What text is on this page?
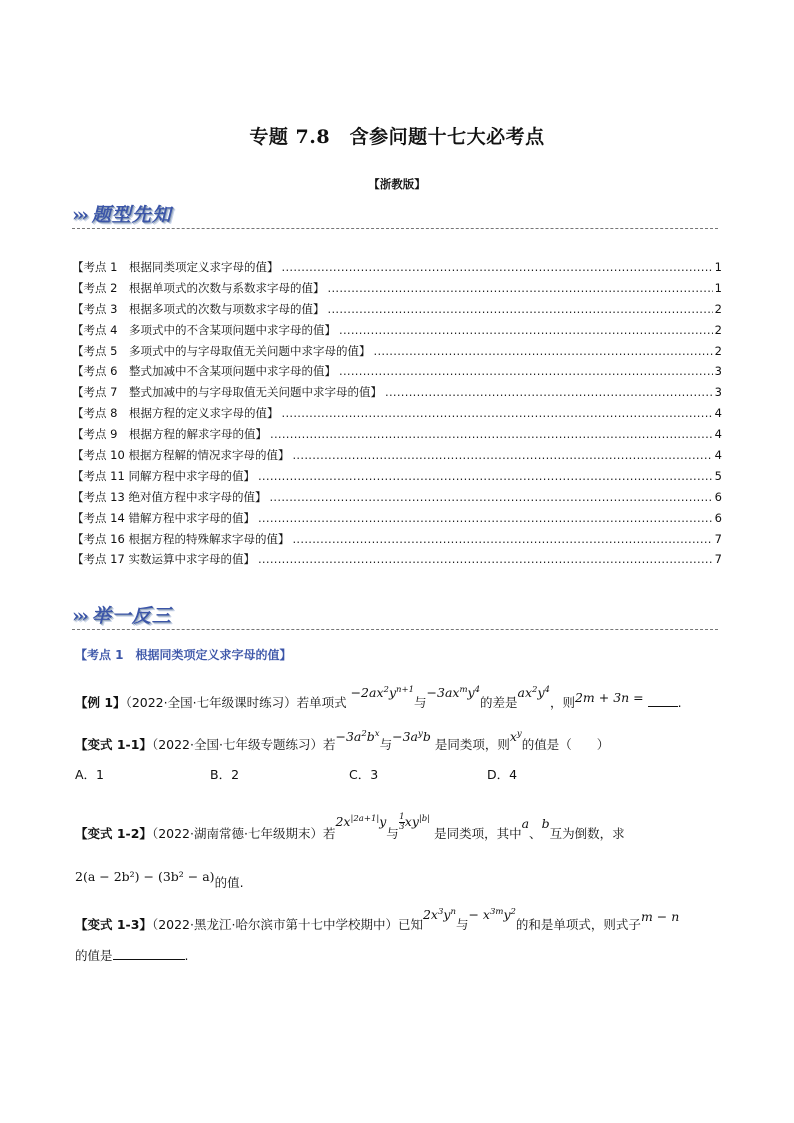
专题 7.8　含参问题十七大必考点
【浙教版】
››› 题型先知
【考点 1　根据同类项定义求字母的值】 .....	1
【考点 2　根据单项式的次数与系数求字母的值】 .....	1
【考点 3　根据多项式的次数与项数求字母的值】 .....	2
【考点 4　多项式中的不含某项问题中求字母的值】 .....	2
【考点 5　多项式中的与字母取值无关问题中求字母的值】 .....	2
【考点 6　整式加减中不含某项问题中求字母的值】 .....	3
【考点 7　整式加减中的与字母取值无关问题中求字母的值】 .....	3
【考点 8　根据方程的定义求字母的值】 .....	4
【考点 9　根据方程的解求字母的值】 .....	4
【考点 10 根据方程解的情况求字母的值】 .....	4
【考点 11 同解方程中求字母的值】 .....	5
【考点 13 绝对值方程中求字母的值】 .....	6
【考点 14 错解方程中求字母的值】 .....	6
【考点 16 根据方程的特殊解求字母的值】 .....	7
【考点 17 实数运算中求字母的值】 .....	7
››› 举一反三
【考点 1　根据同类项定义求字母的值】
【例 1】（2022·全国·七年级课时练习）若单项式 $-2ax^2y^{n+1}$与$-3ax^my^4$的差是$ax^2y^4$，则2m + 3n =	.
【变式 1-1】（2022·全国·七年级专题练习）若$-3a^2b^x$与$-3a^yb$ 是同类项，则$x^y$的值是（　　）
A．1	B．2	C．3	D．4
【变式 1-2】（2022·湖南常德·七年级期末）若$2x^{|2a+1|}y$与
$\frac{1}{3} xy^{|b|}$ 是同类项，其中a、b互为倒数，求
2(a − 2b²) − (3b² − a)的值.
【变式 1-3】（2022·黑龙江·哈尔滨市第十七中学校期中）已知$2x^3y^n$与− $x^{3m}y^2$的和是单项式，则式子m − n
的值是	.
